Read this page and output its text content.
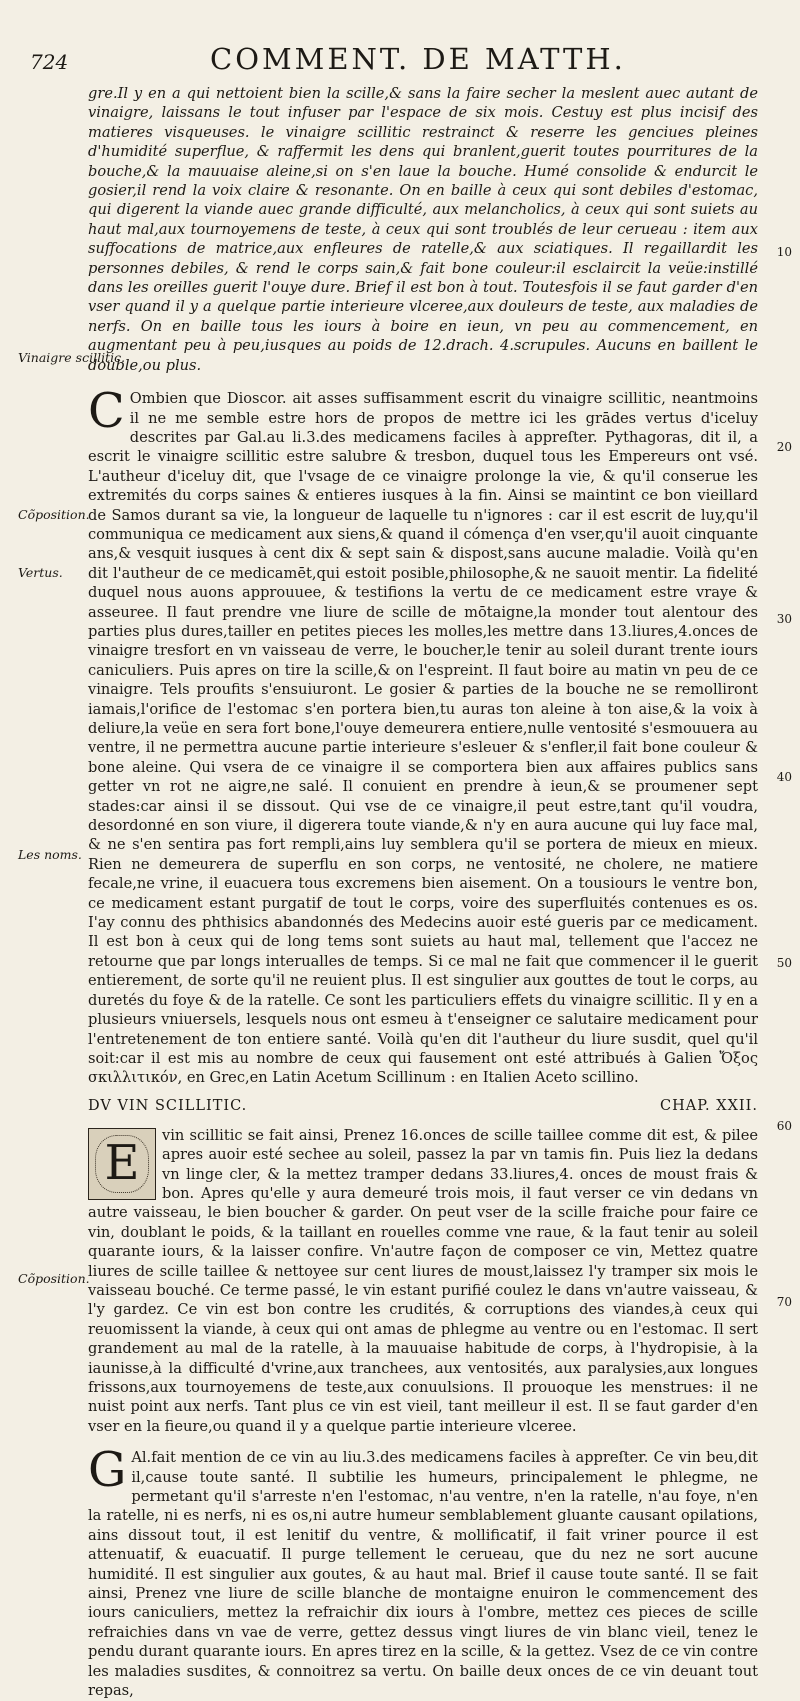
724	COMMENT. DE MATTH.
Vinaigre scillitic.
Cõposition.
Vertus.
Les noms.
Cõposition.
10
20
30
40
50
60
70

gre.Il y en a qui nettoient bien la scille,& sans la faire secher la meslent auec autant de vinaigre, laissans le tout infuser par l'espace de six mois. Cestuy est plus incisif des matieres visqueuses. le vinaigre scillitic restrainct & reserre les genciues pleines d'humidité superflue, & raffermit les dens qui branlent,guerit toutes pourritures de la bouche,& la mauuaise aleine,si on s'en laue la bouche. Humé consolide & endurcit le gosier,il rend la voix claire & resonante. On en baille à ceux qui sont debiles d'estomac, qui digerent la viande auec grande difficulté, aux melancholics, à ceux qui sont suiets au haut mal,aux tournoyemens de teste, à ceux qui sont troublés de leur cerueau : item aux suffocations de matrice,aux enfleures de ratelle,& aux sciatiques. Il regaillardit les personnes debiles, & rend le corps sain,& fait bone couleur:il esclaircit la veüe:instillé dans les oreilles guerit l'ouye dure. Brief il est bon à tout. Toutesfois il se faut garder d'en vser quand il y a quelque partie interieure vlceree,aux douleurs de teste, aux maladies de nerfs. On en baille tous les iours à boire en ieun, vn peu au commencement, en augmentant peu à peu,iusques au poids de 12.drach. 4.scrupules. Aucuns en baillent le double,ou plus.

C Ombien que Dioscor. ait asses suffisamment escrit du vinaigre scillitic, neantmoins il ne me semble estre hors de propos de mettre ici les grādes vertus d'iceluy descrites par Gal.au li.3.des medicamens faciles à appreſter. Pythagoras, dit il, a escrit le vinaigre scillitic estre salubre & tresbon, duquel tous les Empereurs ont vsé. L'autheur d'iceluy dit, que l'vsage de ce vinaigre prolonge la vie, & qu'il conserue les extremités du corps saines & entieres iusques à la fin. Ainsi se maintint ce bon vieillard de Samos durant sa vie, la longueur de laquelle tu n'ignores : car il est escrit de luy,qu'il communiqua ce medicament aux siens,& quand il cómença d'en vser,qu'il auoit cinquante ans,& vesquit iusques à cent dix & sept sain & dispost,sans aucune maladie. Voilà qu'en dit l'autheur de ce medicamēt,qui estoit posible,philosophe,& ne sauoit mentir. La fidelité duquel nous auons approuuee, & testifions la vertu de ce medicament estre vraye & asseuree. Il faut prendre vne liure de scille de mōtaigne,la monder tout alentour des parties plus dures,tailler en petites pieces les molles,les mettre dans 13.liures,4.onces de vinaigre tresfort en vn vaisseau de verre, le boucher,le tenir au soleil durant trente iours caniculiers. Puis apres on tire la scille,& on l'espreint. Il faut boire au matin vn peu de ce vinaigre. Tels proufits s'ensuiuront. Le gosier & parties de la bouche ne se remolliront iamais,l'orifice de l'estomac s'en portera bien,tu auras ton aleine à ton aise,& la voix à deliure,la veüe en sera fort bone,l'ouye demeurera entiere,nulle ventosité s'esmouuera au ventre, il ne permettra aucune partie interieure s'esleuer & s'enfler,il fait bone couleur & bone aleine. Qui vsera de ce vinaigre il se comportera bien aux affaires publics sans getter vn rot ne aigre,ne salé. Il conuient en prendre à ieun,& se proumener sept stades:car ainsi il se dissout. Qui vse de ce vinaigre,il peut estre,tant qu'il voudra, desordonné en son viure, il digerera toute viande,& n'y en aura aucune qui luy face mal, & ne s'en sentira pas fort rempli,ains luy semblera qu'il se portera de mieux en mieux. Rien ne demeurera de superflu en son corps, ne ventosité, ne cholere, ne matiere fecale,ne vrine, il euacuera tous excremens bien aisement. On a tousiours le ventre bon, ce medicament estant purgatif de tout le corps, voire des superfluités contenues es os. I'ay connu des phthisics abandonnés des Medecins auoir esté gueris par ce medicament. Il est bon à ceux qui de long tems sont suiets au haut mal, tellement que l'accez ne retourne que par longs interualles de temps. Si ce mal ne fait que commencer il le guerit entierement, de sorte qu'il ne reuient plus. Il est singulier aux gouttes de tout le corps, au duretés du foye & de la ratelle. Ce sont les particuliers effets du vinaigre scillitic. Il y en a plusieurs vniuersels, lesquels nous ont esmeu à t'enseigner ce salutaire medicament pour l'entretenement de ton entiere santé. Voilà qu'en dit l'autheur du liure susdit, quel qu'il soit:car il est mis au nombre de ceux qui fausement ont esté attribués à Galien Ὄξος σκιλλιτικόν, en Grec,en Latin Acetum Scillinum : en Italien Aceto scillino.

DV VIN SCILLITIC.	CHAP. XXII.

E	vin scillitic se fait ainsi, Prenez 16.onces de scille taillee comme dit est, & pilee apres auoir esté sechee au soleil, passez la par vn tamis fin. Puis liez la dedans vn linge cler, & la mettez tramper dedans 33.liures,4. onces de moust frais & bon. Apres qu'elle y aura demeuré trois mois, il faut verser ce vin dedans vn autre vaisseau, le bien boucher & garder. On peut vser de la scille fraiche pour faire ce vin, doublant le poids, & la taillant en rouelles comme vne raue, & la faut tenir au soleil quarante iours, & la laisser confire. Vn'autre façon de composer ce vin, Mettez quatre liures de scille taillee & nettoyee sur cent liures de moust,laissez l'y tramper six mois le vaisseau bouché. Ce terme passé, le vin estant purifié coulez le dans vn'autre vaisseau, & l'y gardez. Ce vin est bon contre les crudités, & corruptions des viandes,à ceux qui reuomissent la viande, à ceux qui ont amas de phlegme au ventre ou en l'estomac. Il sert grandement au mal de la ratelle, à la mauuaise habitude de corps, à l'hydropisie, à la iaunisse,à la difficulté d'vrine,aux tranchees, aux ventosités, aux paralysies,aux longues frissons,aux tournoyemens de teste,aux conuulsions. Il prouoque les menstrues: il ne nuist point aux nerfs. Tant plus ce vin est vieil, tant meilleur il est. Il se faut garder d'en vser en la fieure,ou quand il y a quelque partie interieure vlceree.

G Al.fait mention de ce vin au liu.3.des medicamens faciles à appreſter. Ce vin beu,dit il,cause toute santé. Il subtilie les humeurs, principalement le phlegme, ne permetant qu'il s'arreste n'en l'estomac, n'au ventre, n'en la ratelle, n'au foye, n'en la ratelle, ni es nerfs, ni es os,ni autre humeur semblablement gluante causant opilations, ains dissout tout, il est lenitif du ventre, & mollificatif, il fait vriner pource il est attenuatif, & euacuatif. Il purge tellement le cerueau, que du nez ne sort aucune humidité. Il est singulier aux goutes, & au haut mal. Brief il cause toute santé. Il se fait ainsi, Prenez vne liure de scille blanche de montaigne enuiron le commencement des iours caniculiers, mettez la refraichir dix iours à l'ombre, mettez ces pieces de scille refraichies dans vn vae de verre, gettez dessus vingt liures de vin blanc vieil, tenez le pendu durant quarante iours. En apres tirez en la scille, & la gettez. Vsez de ce vin contre les maladies susdites, & connoitrez sa vertu. On baille deux onces de ce vin deuant tout repas,
